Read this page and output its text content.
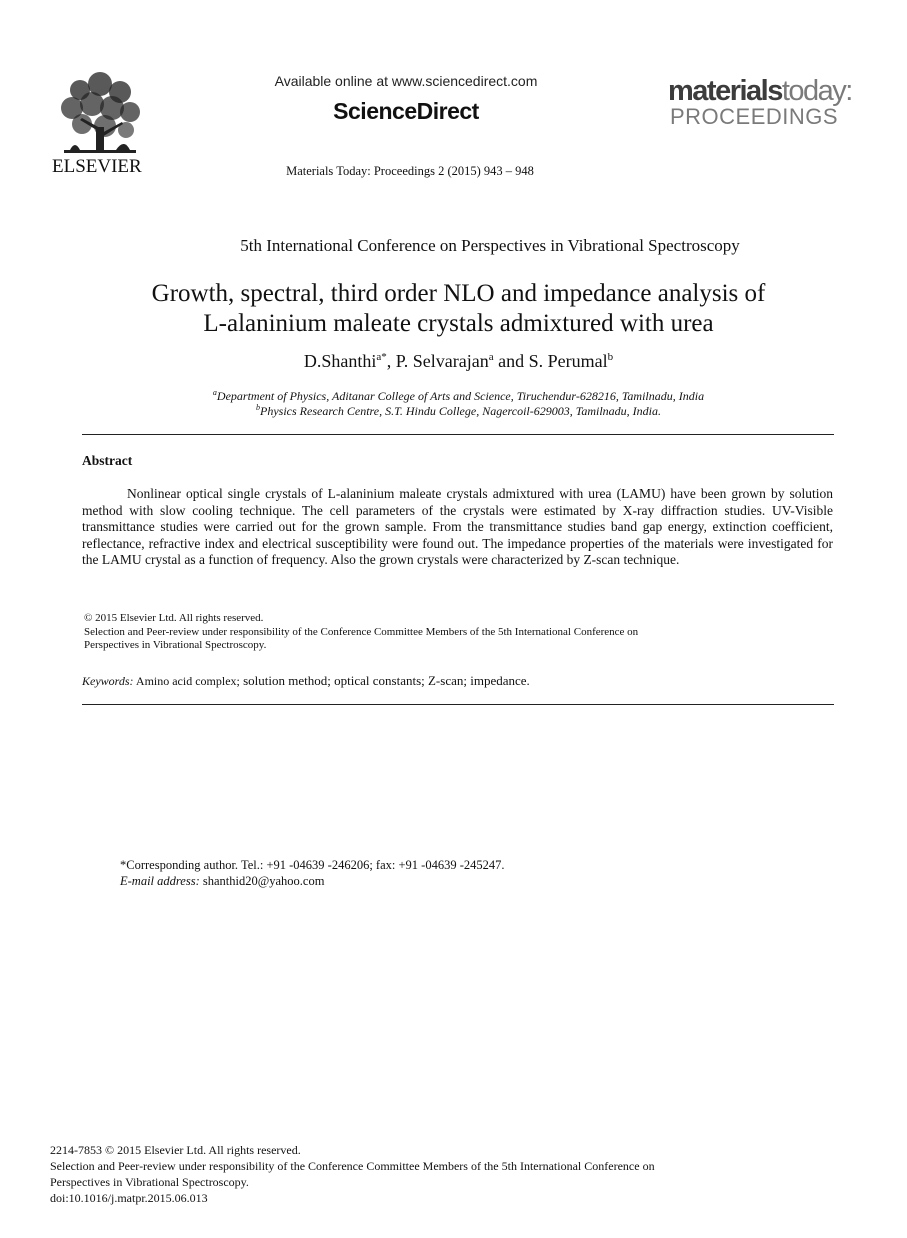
ELSEVIER
Available online at www.sciencedirect.com
ScienceDirect
Materials Today: Proceedings 2 (2015) 943 – 948
materialstoday:
PROCEEDINGS
5th International Conference on Perspectives in Vibrational Spectroscopy
Growth, spectral, third order NLO and impedance analysis of
L-alaninium maleate crystals admixtured with urea
D.Shanthi$^{a*}$, P. Selvarajan$^a$ and S. Perumal$^b$
$^a$Department of Physics, Aditanar College of Arts and Science, Tiruchendur-628216, Tamilnadu, India
$^b$Physics Research Centre, S.T. Hindu College, Nagercoil-629003, Tamilnadu, India.
Abstract
Nonlinear optical single crystals of L-alaninium maleate crystals admixtured with urea (LAMU) have been grown by solution method with slow cooling technique. The cell parameters of the crystals were estimated by X-ray diffraction studies. UV-Visible transmittance studies were carried out for the grown sample. From the transmittance studies band gap energy, extinction coefficient, reflectance, refractive index and electrical susceptibility were found out. The impedance properties of the materials were investigated for the LAMU crystal as a function of frequency. Also the grown crystals were characterized by Z-scan technique.
© 2015 Elsevier Ltd. All rights reserved.
Selection and Peer-review under responsibility of the Conference Committee Members of the 5th International Conference on
Perspectives in Vibrational Spectroscopy.
Keywords: Amino acid complex; solution method; optical constants; Z-scan; impedance.
*Corresponding author. Tel.: +91 -04639 -246206; fax: +91 -04639 -245247.
E-mail address: shanthid20@yahoo.com
2214-7853 © 2015 Elsevier Ltd. All rights reserved.
Selection and Peer-review under responsibility of the Conference Committee Members of the 5th International Conference on
Perspectives in Vibrational Spectroscopy.
doi:10.1016/j.matpr.2015.06.013
